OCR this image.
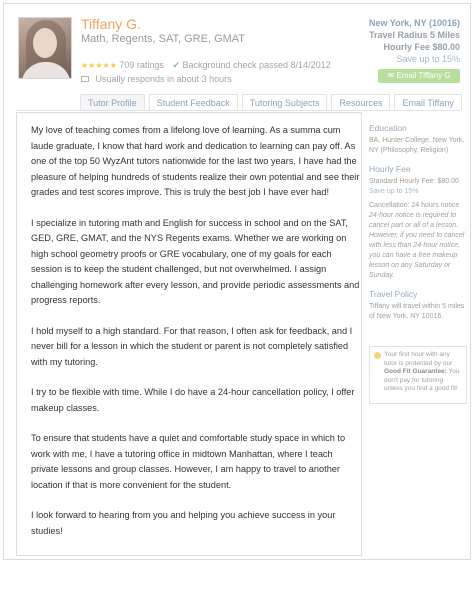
Tiffany G.
Math, Regents, SAT, GRE, GMAT
★★★★★ 709 ratings ✔ Background check passed 8/14/2012
Usually responds in about 3 hours
New York, NY (10016)
Travel Radius 5 Miles
Hourly Fee $80.00
Save up to 15%
✉ Email Tiffany G
Tutor Profile	Student Feedback	Tutoring Subjects	Resources	Email Tiffany

My love of teaching comes from a lifelong love of learning. As a summa cum laude graduate, I know that hard work and dedication to learning can pay off. As one of the top 50 WyzAnt tutors nationwide for the last two years, I have had the pleasure of helping hundreds of students realize their own potential and see their grades and test scores improve. This is truly the best job I have ever had!

I specialize in tutoring math and English for success in school and on the SAT, GED, GRE, GMAT, and the NYS Regents exams. Whether we are working on high school geometry proofs or GRE vocabulary, one of my goals for each session is to keep the student challenged, but not overwhelmed. I assign challenging homework after every lesson, and provide periodic assessments and progress reports.

I hold myself to a high standard. For that reason, I often ask for feedback, and I never bill for a lesson in which the student or parent is not completely satisfied with my tutoring.

I try to be flexible with time. While I do have a 24-hour cancellation policy, I offer makeup classes.

To ensure that students have a quiet and comfortable study space in which to work with me, I have a tutoring office in midtown Manhattan, where I teach private lessons and group classes. However, I am happy to travel to another location if that is more convenient for the student.

I look forward to hearing from you and helping you achieve success in your studies!

Education
BA, Hunter College, New York, NY (Philosophy, Religion)
Hourly Fee
Standard Hourly Fee: $80.00
Save up to 15%
Cancellation: 24 hours notice
24-hour notice is required to cancel part or all of a lesson. However, if you need to cancel with less than 24-hour notice, you can have a free makeup lesson on any Saturday or Sunday.
Travel Policy
Tiffany will travel within 5 miles of New York, NY 10016.
Your first hour with any tutor is protected by our Good Fit Guarantee: You don't pay for tutoring unless you find a good fit!
